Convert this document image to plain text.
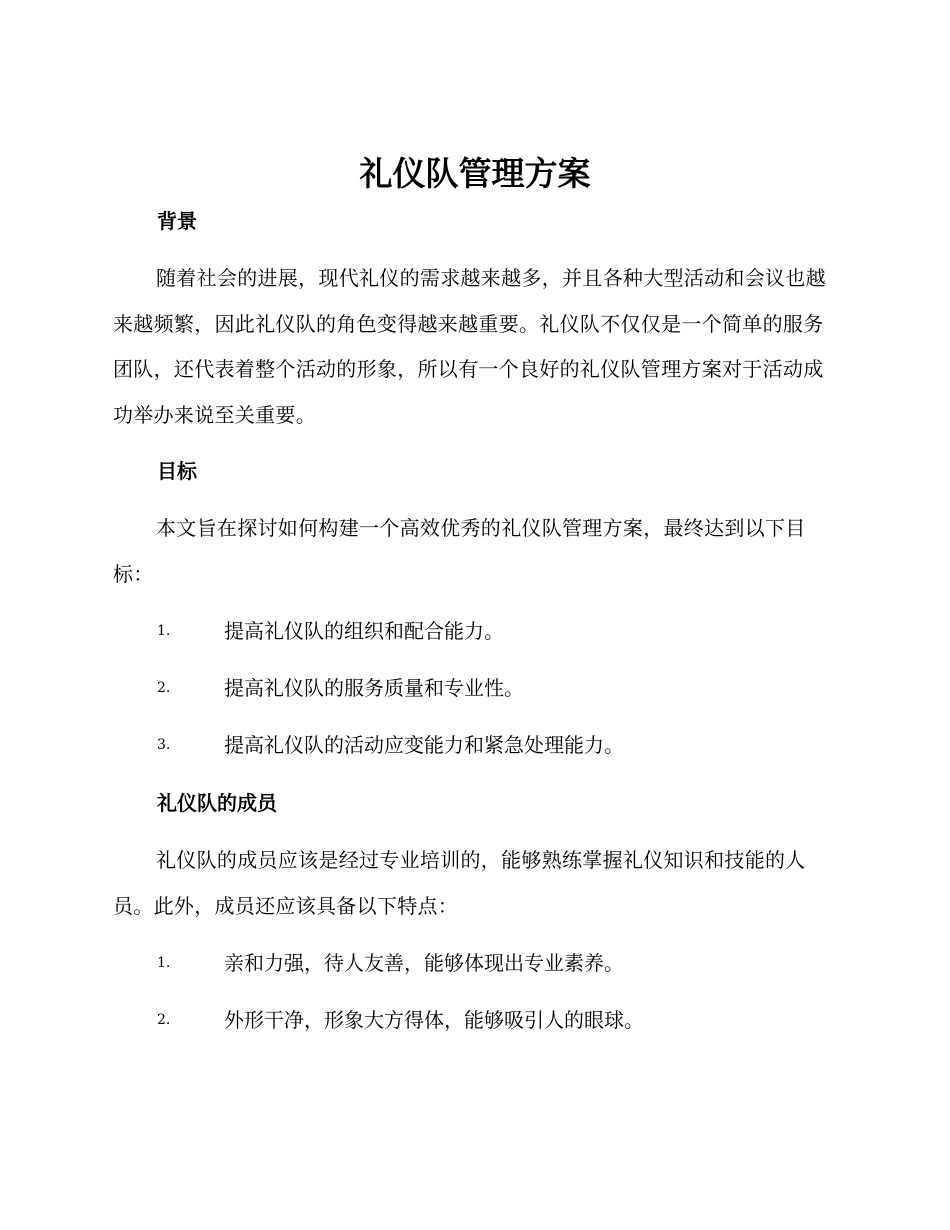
礼仪队管理方案
背景

随着社会的进展，现代礼仪的需求越来越多，并且各种大型活动和会议也越来越频繁，因此礼仪队的角色变得越来越重要。礼仪队不仅仅是一个简单的服务团队，还代表着整个活动的形象，所以有一个良好的礼仪队管理方案对于活动成功举办来说至关重要。

目标

本文旨在探讨如何构建一个高效优秀的礼仪队管理方案，最终达到以下目标：

1.	提高礼仪队的组织和配合能力。
2.	提高礼仪队的服务质量和专业性。
3.	提高礼仪队的活动应变能力和紧急处理能力。
礼仪队的成员

礼仪队的成员应该是经过专业培训的，能够熟练掌握礼仪知识和技能的人员。此外，成员还应该具备以下特点：

1.	亲和力强，待人友善，能够体现出专业素养。
2.	外形干净，形象大方得体，能够吸引人的眼球。
